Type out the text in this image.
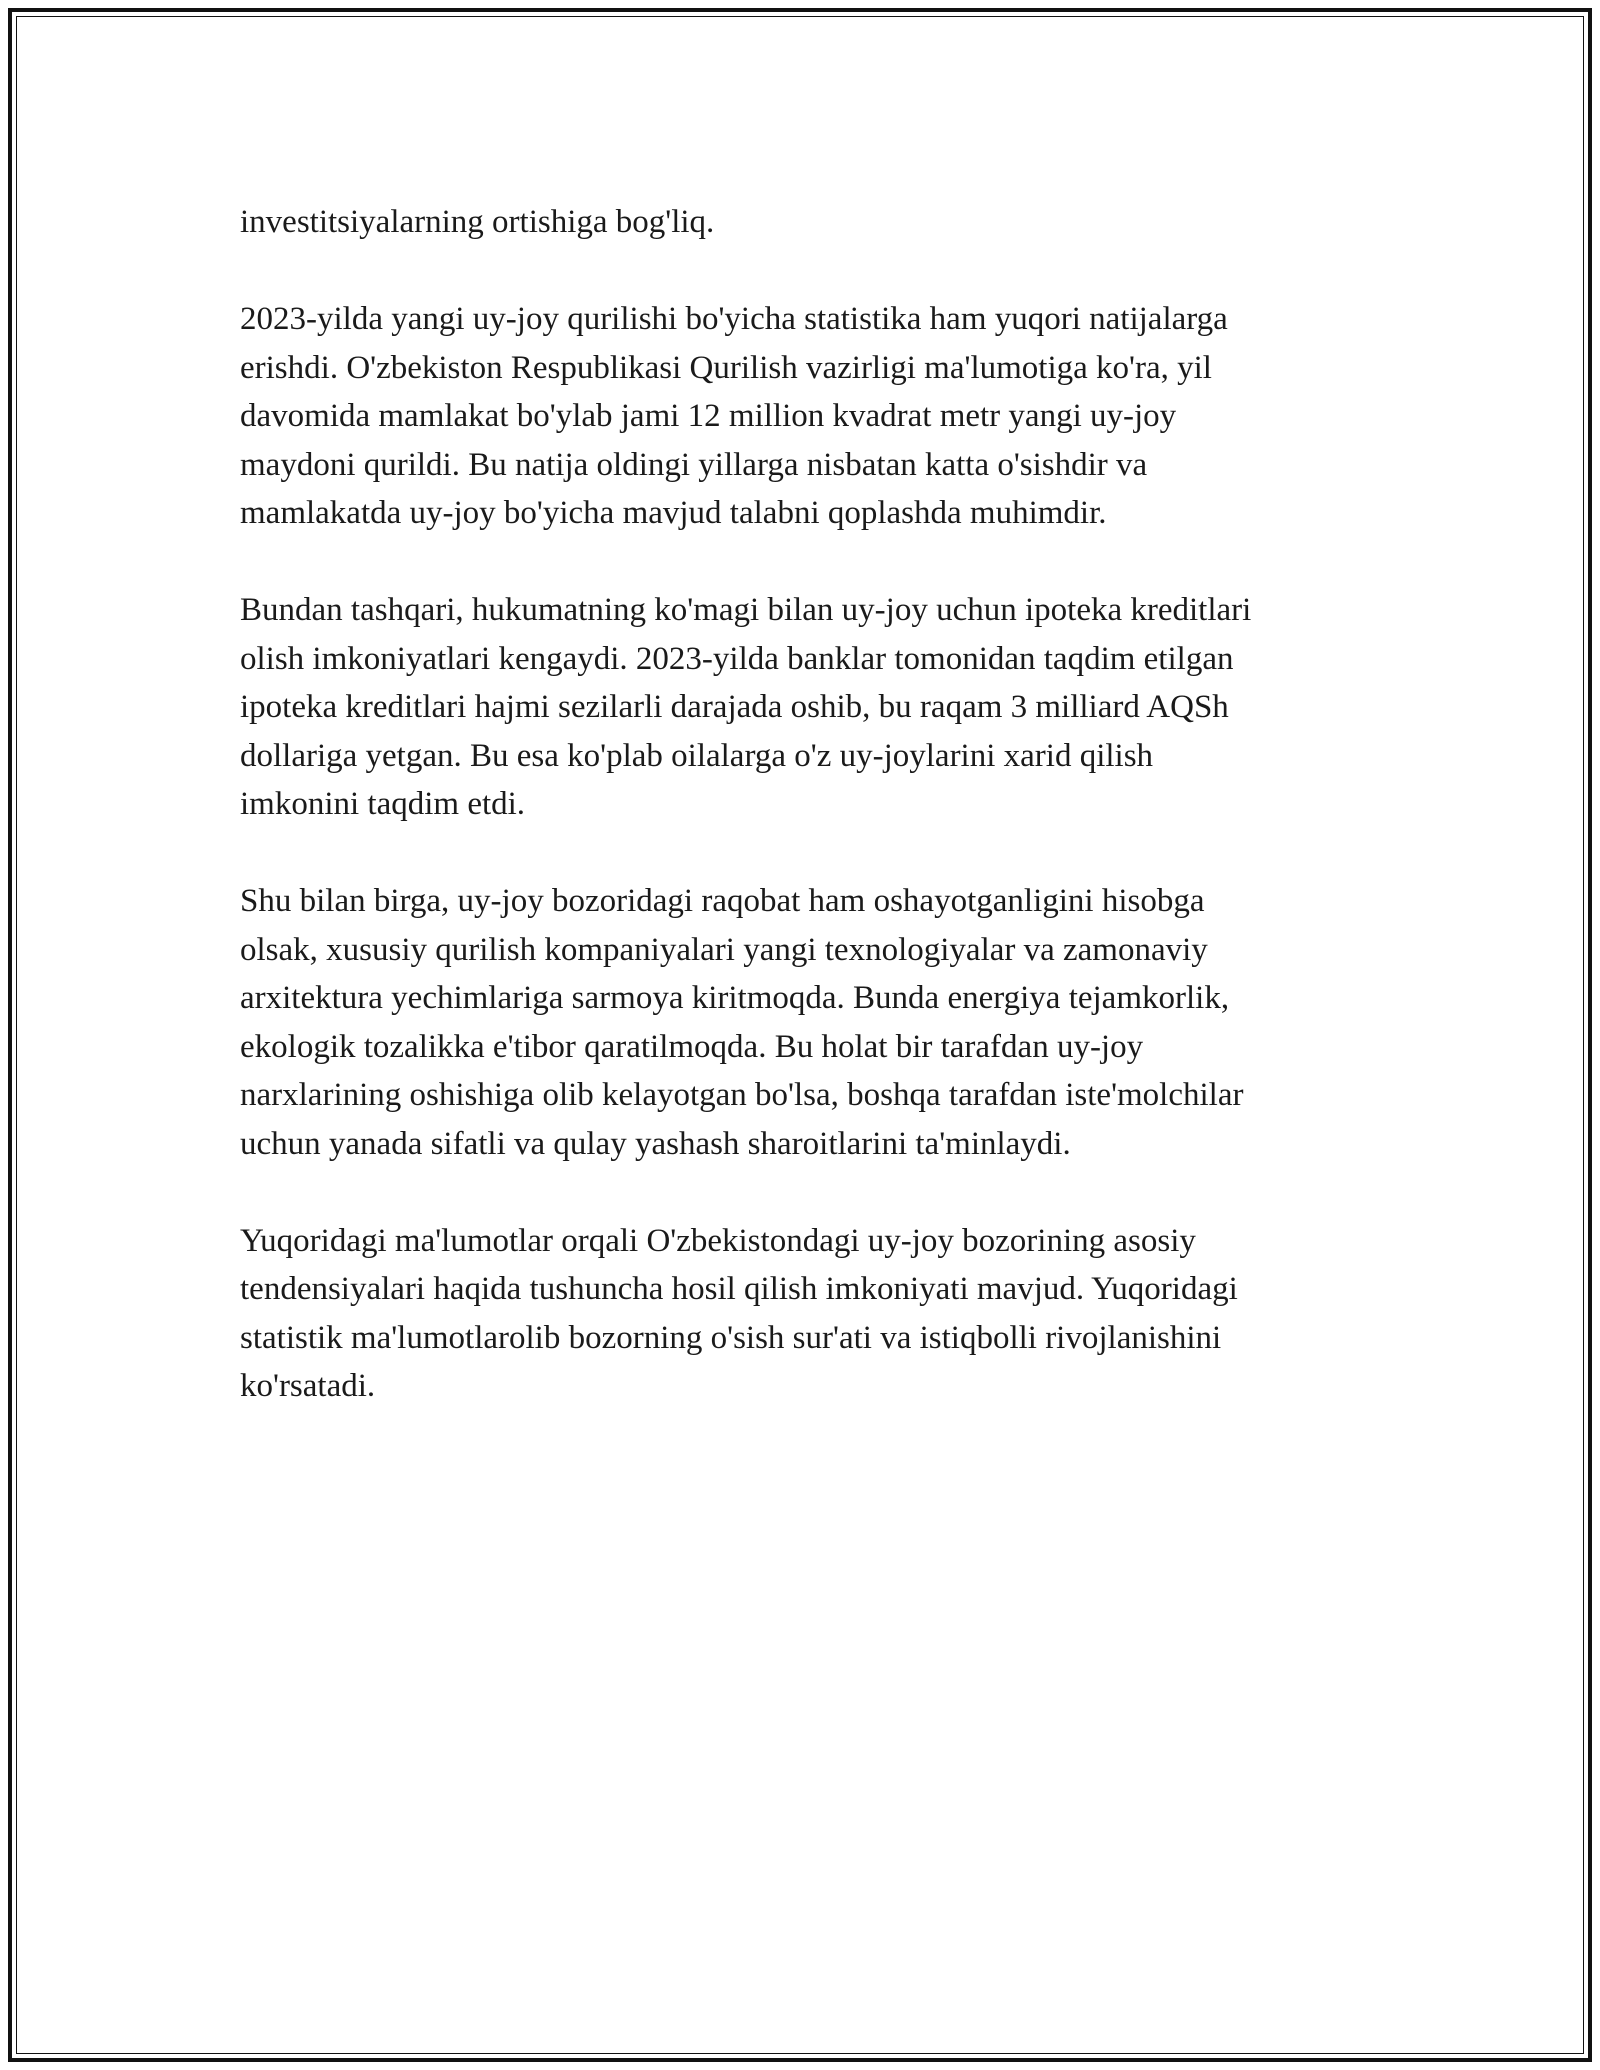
investitsiyalarning ortishiga bog'liq.

2023-yilda yangi uy-joy qurilishi bo'yicha statistika ham yuqori natijalarga
erishdi. O'zbekiston Respublikasi Qurilish vazirligi ma'lumotiga ko'ra, yil
davomida mamlakat bo'ylab jami 12 million kvadrat metr yangi uy-joy
maydoni qurildi. Bu natija oldingi yillarga nisbatan katta o'sishdir va
mamlakatda uy-joy bo'yicha mavjud talabni qoplashda muhimdir.

Bundan tashqari, hukumatning ko'magi bilan uy-joy uchun ipoteka kreditlari
olish imkoniyatlari kengaydi. 2023-yilda banklar tomonidan taqdim etilgan
ipoteka kreditlari hajmi sezilarli darajada oshib, bu raqam 3 milliard AQSh
dollariga yetgan. Bu esa ko'plab oilalarga o'z uy-joylarini xarid qilish
imkonini taqdim etdi.

Shu bilan birga, uy-joy bozoridagi raqobat ham oshayotganligini hisobga
olsak, xususiy qurilish kompaniyalari yangi texnologiyalar va zamonaviy
arxitektura yechimlariga sarmoya kiritmoqda. Bunda energiya tejamkorlik,
ekologik tozalikka e'tibor qaratilmoqda. Bu holat bir tarafdan uy-joy
narxlarining oshishiga olib kelayotgan bo'lsa, boshqa tarafdan iste'molchilar
uchun yanada sifatli va qulay yashash sharoitlarini ta'minlaydi.

Yuqoridagi ma'lumotlar orqali O'zbekistondagi uy-joy bozorining asosiy
tendensiyalari haqida tushuncha hosil qilish imkoniyati mavjud. Yuqoridagi
statistik ma'lumotlarolib bozorning o'sish sur'ati va istiqbolli rivojlanishini
ko'rsatadi.
